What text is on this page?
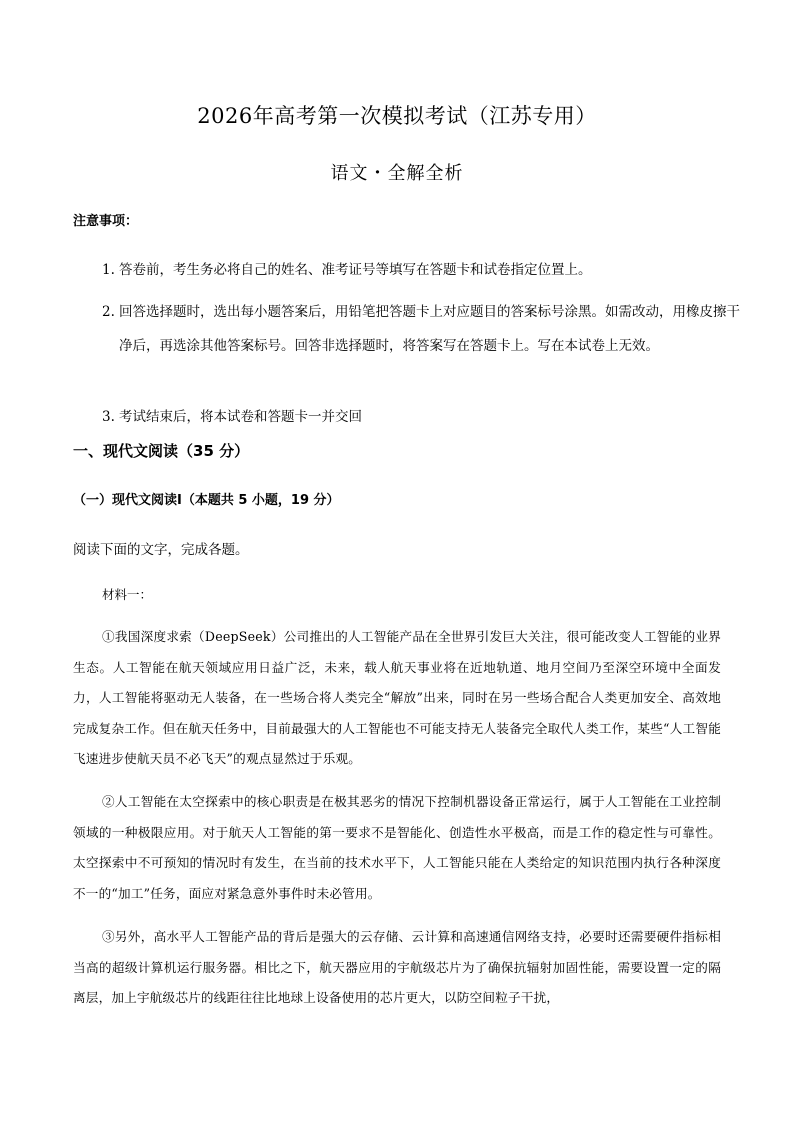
2026年高考第一次模拟考试（江苏专用）
语文・全解全析
注意事项：
1. 答卷前，考生务必将自己的姓名、准考证号等填写在答题卡和试卷指定位置上。
2. 回答选择题时，选出每小题答案后，用铅笔把答题卡上对应题目的答案标号涂黑。如需改动，用橡皮擦干净后，再选涂其他答案标号。回答非选择题时，将答案写在答题卡上。写在本试卷上无效。
3. 考试结束后，将本试卷和答题卡一并交回
一、现代文阅读（35 分）
（一）现代文阅读Ⅰ（本题共 5 小题，19 分）
阅读下面的文字，完成各题。
材料一：
①我国深度求索（DeepSeek）公司推出的人工智能产品在全世界引发巨大关注，很可能改变人工智能的业界生态。人工智能在航天领域应用日益广泛，未来，载人航天事业将在近地轨道、地月空间乃至深空环境中全面发力，人工智能将驱动无人装备，在一些场合将人类完全“解放”出来，同时在另一些场合配合人类更加安全、高效地完成复杂工作。但在航天任务中，目前最强大的人工智能也不可能支持无人装备完全取代人类工作，某些“人工智能飞速进步使航天员不必飞天”的观点显然过于乐观。
②人工智能在太空探索中的核心职责是在极其恶劣的情况下控制机器设备正常运行，属于人工智能在工业控制领域的一种极限应用。对于航天人工智能的第一要求不是智能化、创造性水平极高，而是工作的稳定性与可靠性。太空探索中不可预知的情况时有发生，在当前的技术水平下，人工智能只能在人类给定的知识范围内执行各种深度不一的“加工”任务，面应对紧急意外事件时未必管用。
③另外，高水平人工智能产品的背后是强大的云存储、云计算和高速通信网络支持，必要时还需要硬件指标相当高的超级计算机运行服务器。相比之下，航天器应用的宇航级芯片为了确保抗辐射加固性能，需要设置一定的隔离层，加上宇航级芯片的线距往往比地球上设备使用的芯片更大，以防空间粒子干扰，
